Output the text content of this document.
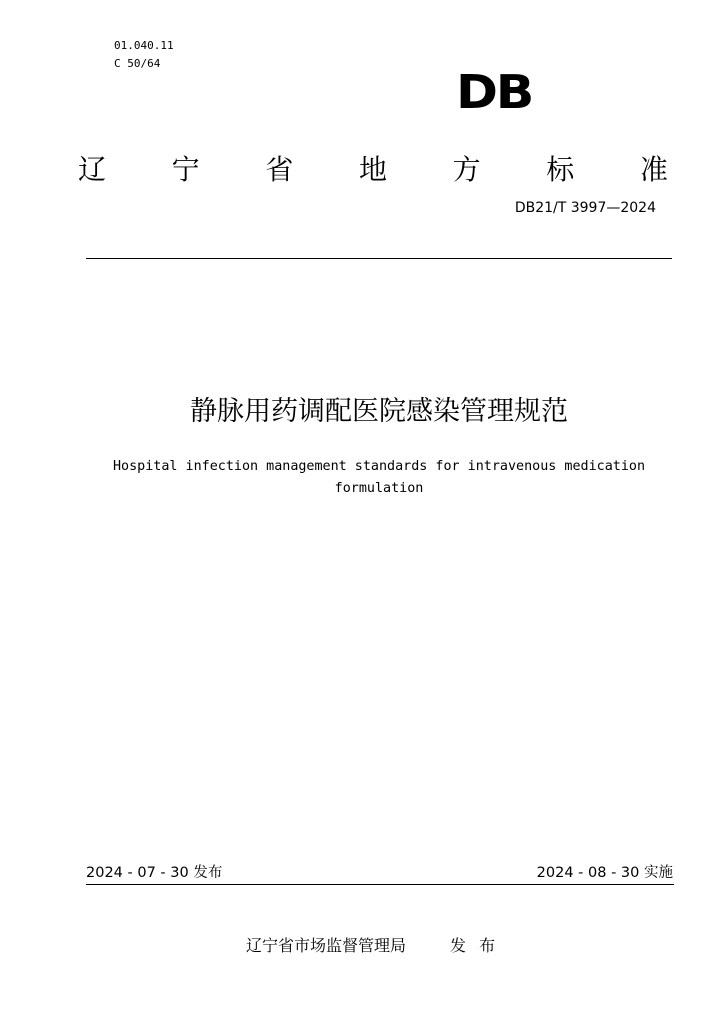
01.040.11
C 50/64
DB
辽 宁 省 地 方 标 准
DB21/T 3997—2024
静脉用药调配医院感染管理规范
Hospital infection management standards for intravenous medication formulation
2024 - 07 - 30 发布	2024 - 08 - 30 实施
辽宁省市场监督管理局	发 布
